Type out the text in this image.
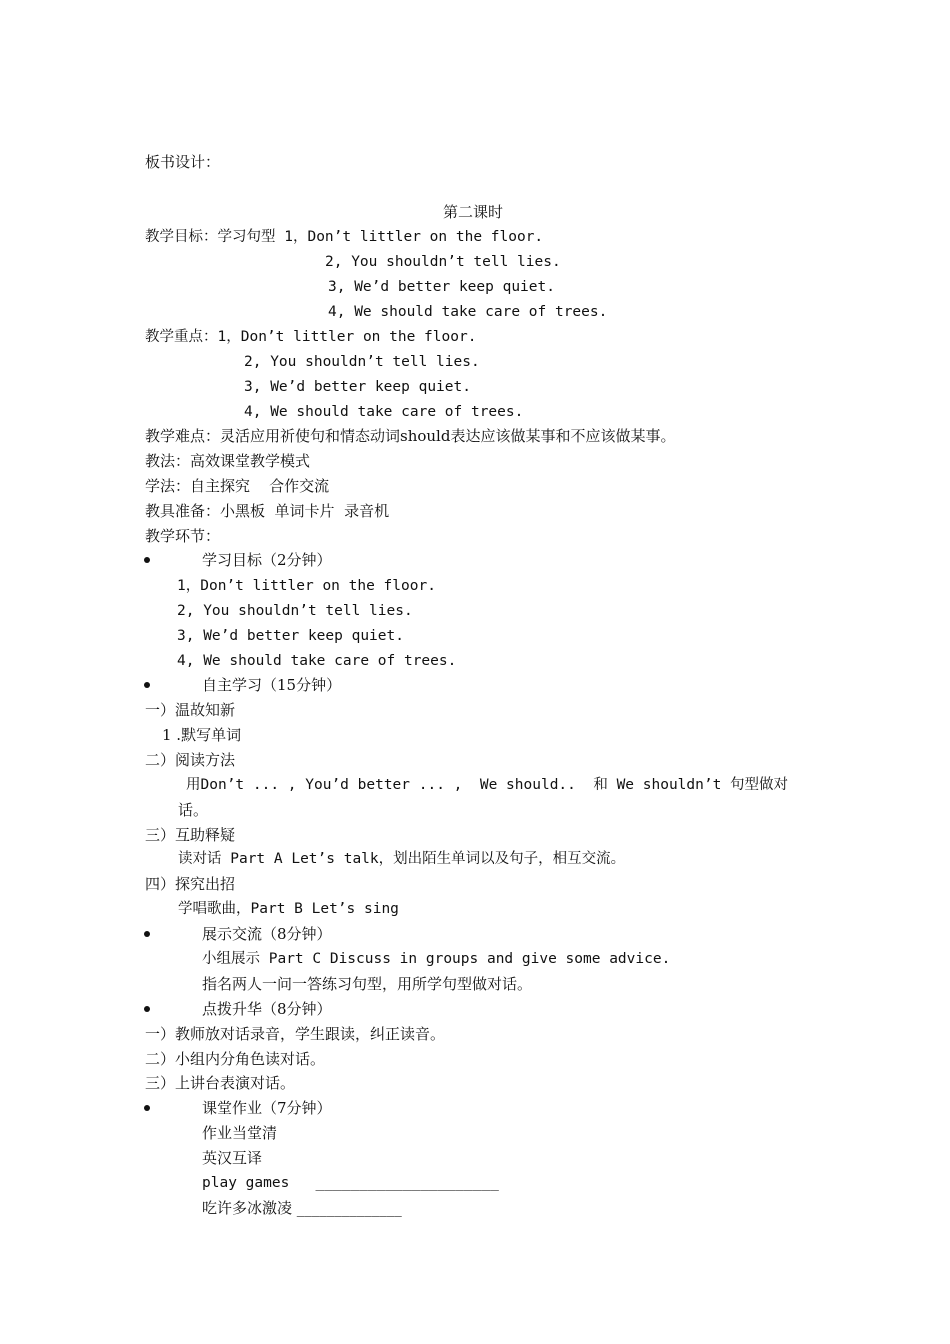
板书设计：
第二课时
教学目标：学习句型 1，Don’t littler on the floor.
2, You shouldn’t tell lies.
3, We’d better keep quiet.
4, We should take care of trees.
教学重点：1，Don’t littler on the floor.
2, You shouldn’t tell lies.
3, We’d better keep quiet.
4, We should take care of trees.
教学难点：灵活应用祈使句和情态动词should表达应该做某事和不应该做某事。
教法：高效课堂教学模式
学法：自主探究    合作交流
教具准备：小黑板  单词卡片  录音机
教学环节：
学习目标（2分钟）
1，Don’t littler on the floor.
2, You shouldn’t tell lies.
3, We’d better keep quiet.
4, We should take care of trees.
自主学习（15分钟）
一）温故知新
1 .默写单词
二）阅读方法
用Don’t ... , You’d better ... ,  We should..  和 We shouldn’t 句型做对
话。
三）互助释疑
读对话 Part A Let’s talk，划出陌生单词以及句子，相互交流。
四）探究出招
学唱歌曲，Part B Let’s sing
展示交流（8分钟）
小组展示 Part C Discuss in groups and give some advice.
指名两人一问一答练习句型，用所学句型做对话。
点拨升华（8分钟）
一）教师放对话录音，学生跟读，纠正读音。
二）小组内分角色读对话。
三）上讲台表演对话。
课堂作业（7分钟）
作业当堂清
英汉互译
play games   _____________________
吃许多冰激凌 ______________
